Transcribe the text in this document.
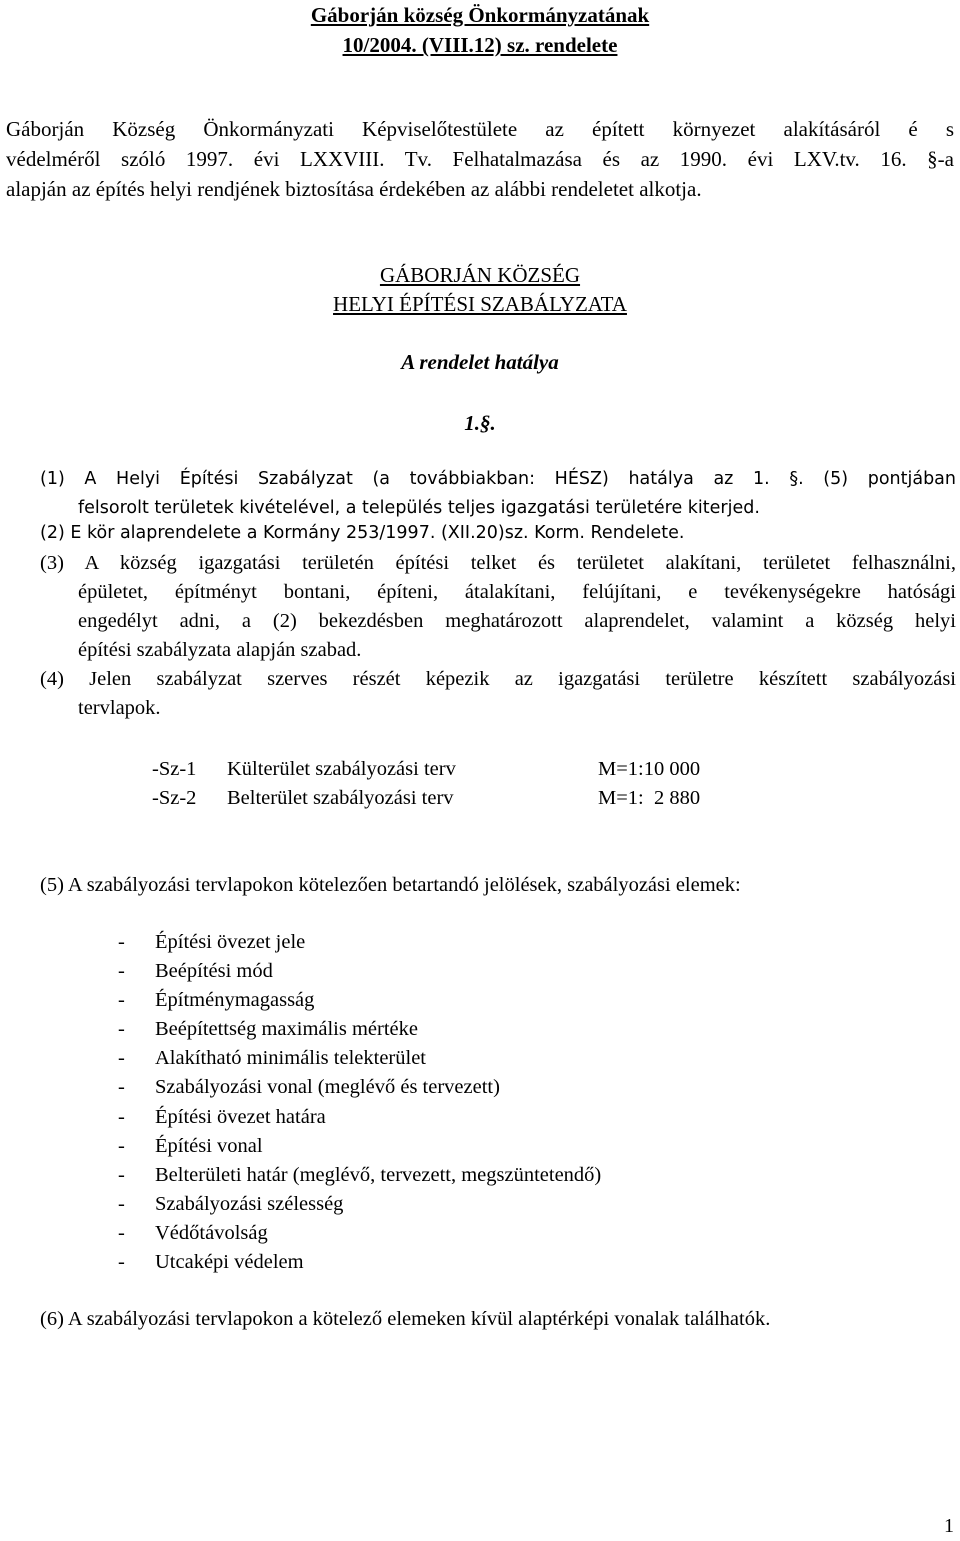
Gáborján község Önkormányzatának
10/2004. (VIII.12) sz. rendelete
Gáborján Község Önkormányzati Képviselőtestülete az épített környezet alakításáról é s
védelméről szóló 1997. évi LXXVIII. Tv. Felhatalmazása és az 1990. évi LXV.tv. 16. §-a
alapján az építés helyi rendjének biztosítása érdekében az alábbi rendeletet alkotja.
GÁBORJÁN KÖZSÉG
HELYI ÉPÍTÉSI SZABÁLYZATA
A rendelet hatálya
1.§.
(1) A Helyi Építési Szabályzat (a továbbiakban: HÉSZ) hatálya az 1. §. (5) pontjában
felsorolt területek kivételével, a település teljes igazgatási területére kiterjed.
(2) E kör alaprendelete a Kormány 253/1997. (XII.20)sz. Korm. Rendelete.
(3) A község igazgatási területén építési telket és területet alakítani, területet felhasználni,
épületet, építményt bontani, építeni, átalakítani, felújítani, e tevékenységekre hatósági
engedélyt adni, a (2) bekezdésben meghatározott alaprendelet, valamint a község helyi
építési szabályzata alapján szabad.
(4) Jelen szabályzat szerves részét képezik az igazgatási területre készített szabályozási
tervlapok.
-Sz-1 Külterület szabályozási terv	M=1:10 000
-Sz-2 Belterület szabályozási terv	M=1:  2 880
(5) A szabályozási tervlapokon kötelezően betartandó jelölések, szabályozási elemek:
- Építési övezet jele
- Beépítési mód
- Építménymagasság
- Beépítettség maximális mértéke
- Alakítható minimális telekterület
- Szabályozási vonal (meglévő és tervezett)
- Építési övezet határa
- Építési vonal
- Belterületi határ (meglévő, tervezett, megszüntetendő)
- Szabályozási szélesség
- Védőtávolság
- Utcaképi védelem
(6) A szabályozási tervlapokon a kötelező elemeken kívül alaptérképi vonalak találhatók.
1
